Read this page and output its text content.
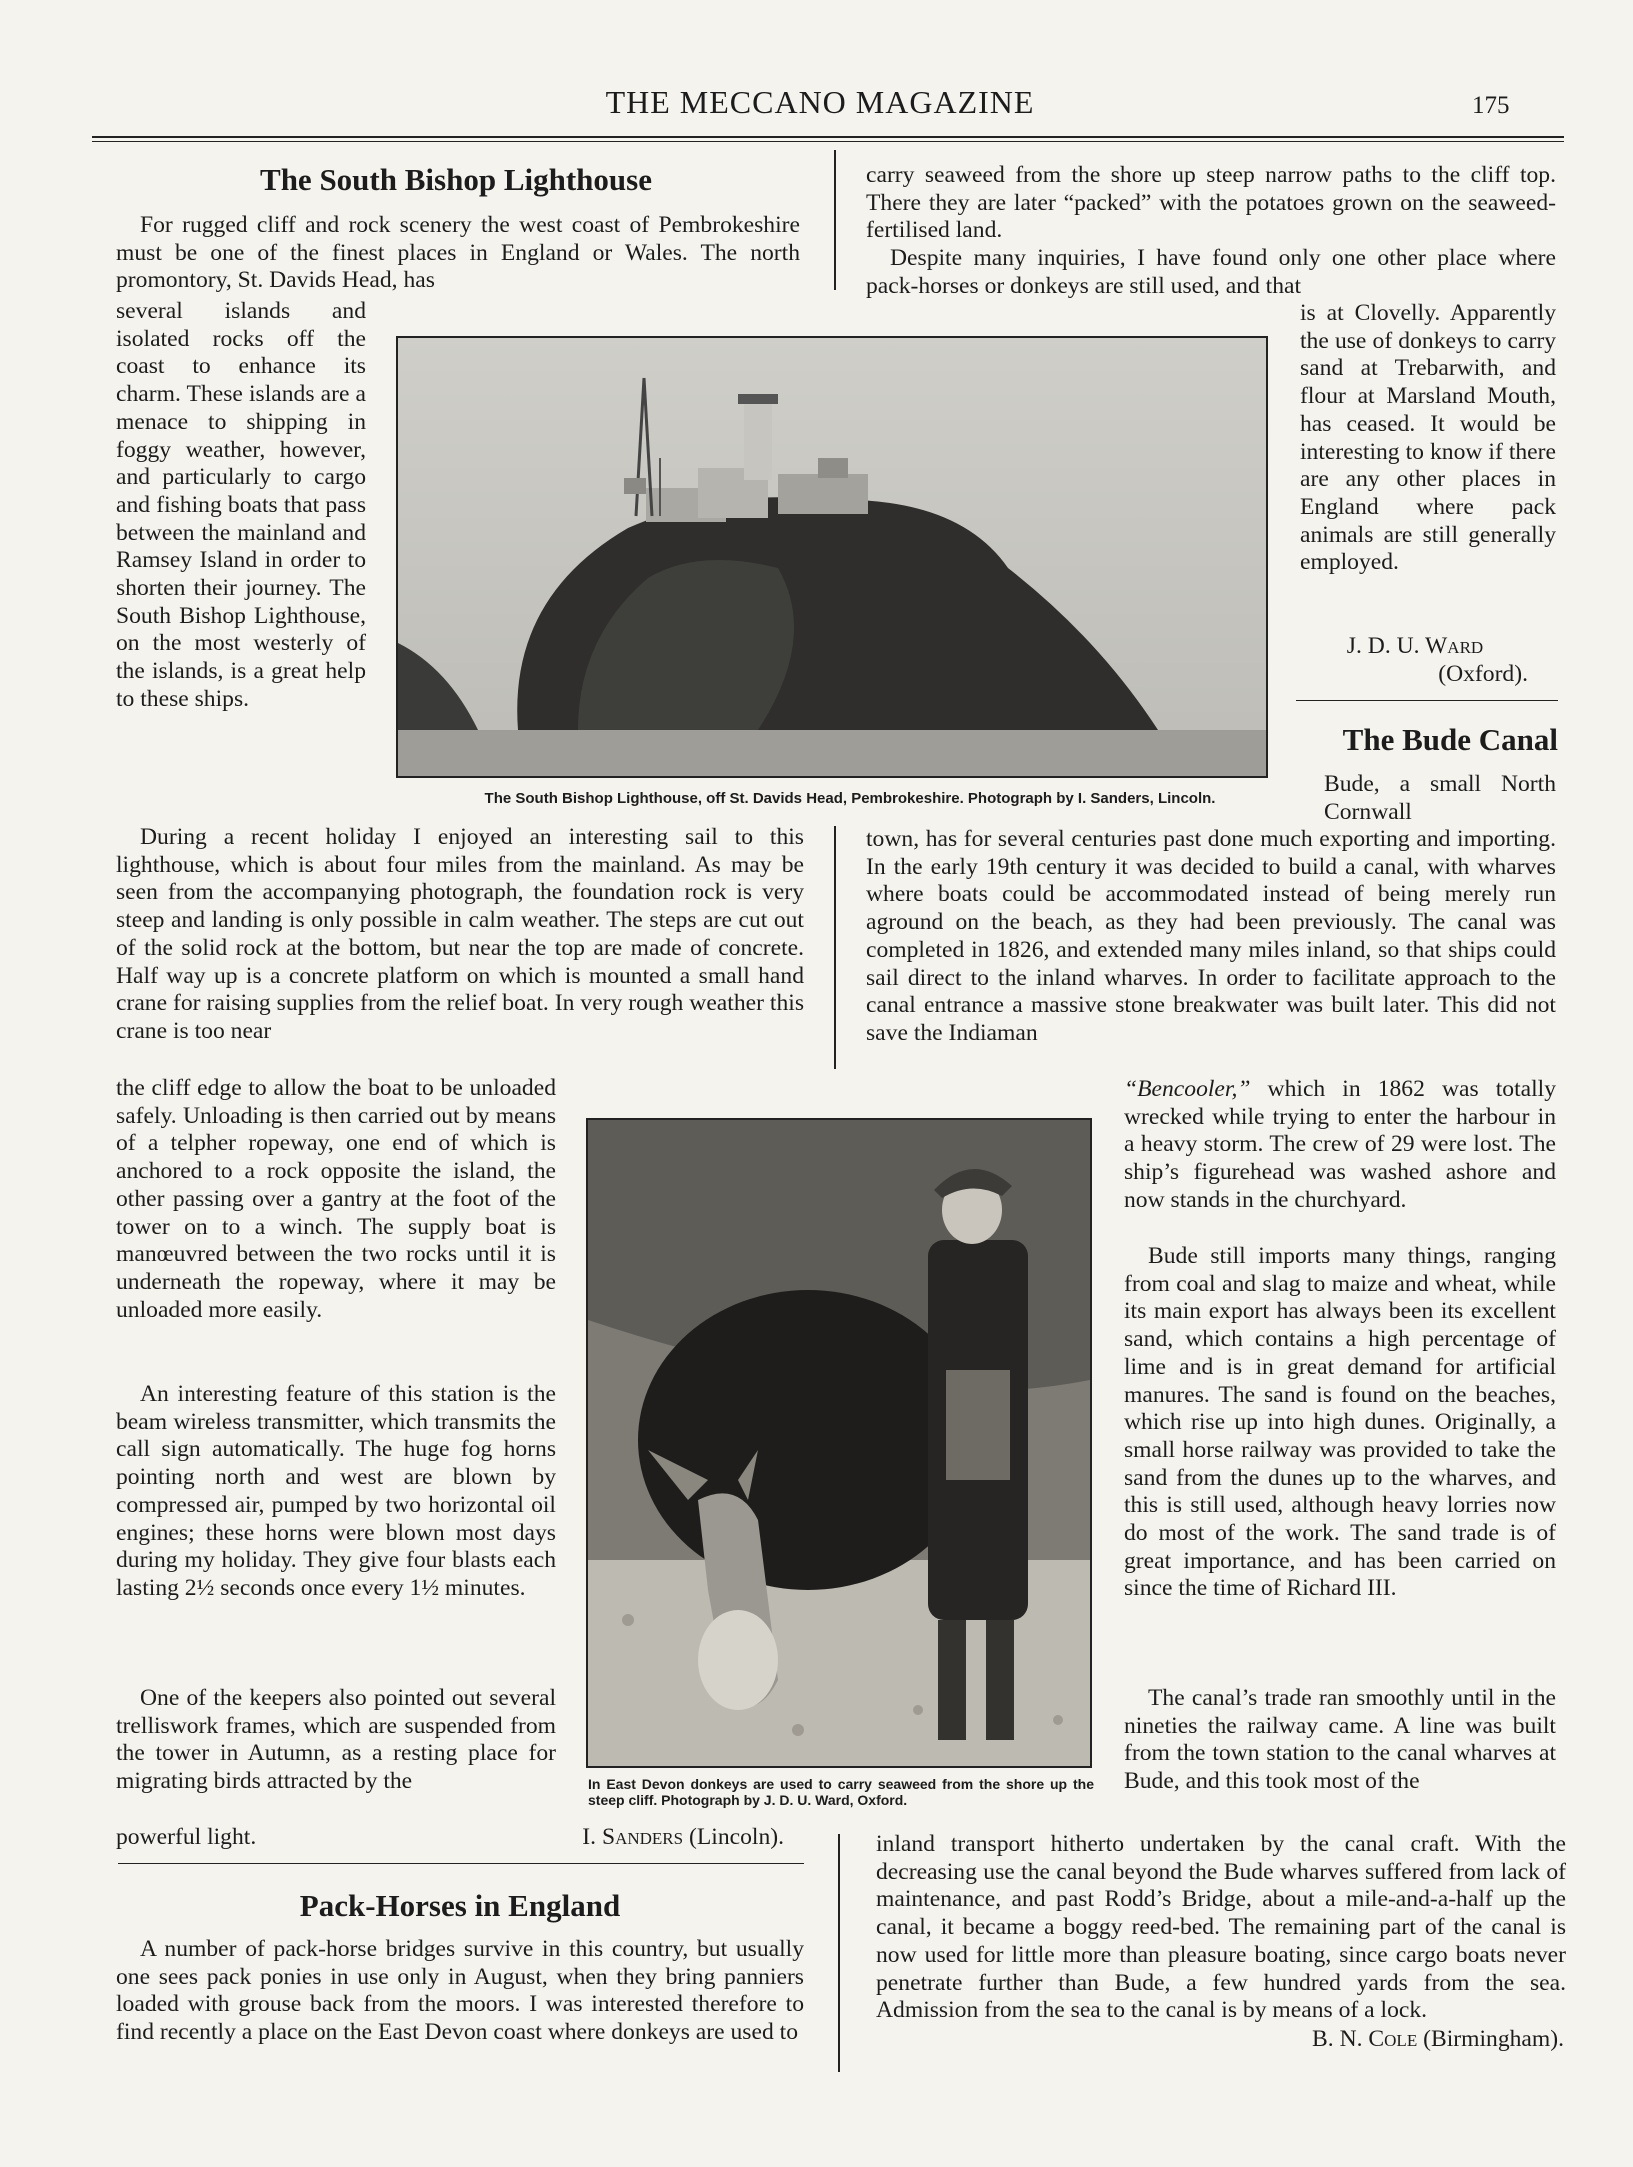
THE MECCANO MAGAZINE	175
The South Bishop Lighthouse
For rugged cliff and rock scenery the west coast of Pembrokeshire must be one of the finest places in England or Wales. The north promontory, St. Davids Head, has
several islands and isolated rocks off the coast to enhance its charm. These islands are a menace to shipping in foggy weather, however, and particularly to cargo and fishing boats that pass between the mainland and Ramsey Island in order to shorten their journey. The South Bishop Lighthouse, on the most westerly of the islands, is a great help to these ships.
The South Bishop Lighthouse, off St. Davids Head, Pembrokeshire. Photograph by I. Sanders, Lincoln.
During a recent holiday I enjoyed an interesting sail to this lighthouse, which is about four miles from the mainland. As may be seen from the accompanying photograph, the foundation rock is very steep and landing is only possible in calm weather. The steps are cut out of the solid rock at the bottom, but near the top are made of concrete. Half way up is a concrete platform on which is mounted a small hand crane for raising supplies from the relief boat. In very rough weather this crane is too near
the cliff edge to allow the boat to be unloaded safely. Unloading is then carried out by means of a telpher ropeway, one end of which is anchored to a rock opposite the island, the other passing over a gantry at the foot of the tower on to a winch. The supply boat is manœuvred between the two rocks until it is underneath the ropeway, where it may be unloaded more easily.
An interesting feature of this station is the beam wireless transmitter, which transmits the call sign automatically. The huge fog horns pointing north and west are blown by compressed air, pumped by two horizontal oil engines; these horns were blown most days during my holiday. They give four blasts each lasting 2½ seconds once every 1½ minutes.
One of the keepers also pointed out several trelliswork frames, which are suspended from the tower in Autumn, as a resting place for migrating birds attracted by the
powerful light.	I. Sanders (Lincoln).
In East Devon donkeys are used to carry seaweed from the shore up the steep cliff. Photograph by J. D. U. Ward, Oxford.
Pack-Horses in England
A number of pack-horse bridges survive in this country, but usually one sees pack ponies in use only in August, when they bring panniers loaded with grouse back from the moors. I was interested therefore to find recently a place on the East Devon coast where donkeys are used to
carry seaweed from the shore up steep narrow paths to the cliff top. There they are later “packed” with the potatoes grown on the seaweed-fertilised land.
Despite many inquiries, I have found only one other place where pack-horses or donkeys are still used, and that
is at Clovelly. Apparently the use of donkeys to carry sand at Trebarwith, and flour at Marsland Mouth, has ceased. It would be interesting to know if there are any other places in England where pack animals are still generally employed.
J. D. U. Ward
(Oxford).
The Bude Canal
Bude, a small North Cornwall
town, has for several centuries past done much exporting and importing. In the early 19th century it was decided to build a canal, with wharves where boats could be accommodated instead of being merely run aground on the beach, as they had been previously. The canal was completed in 1826, and extended many miles inland, so that ships could sail direct to the inland wharves. In order to facilitate approach to the canal entrance a massive stone breakwater was built later. This did not save the Indiaman
“Bencooler,” which in 1862 was totally wrecked while trying to enter the harbour in a heavy storm. The crew of 29 were lost. The ship’s figurehead was washed ashore and now stands in the churchyard.
Bude still imports many things, ranging from coal and slag to maize and wheat, while its main export has always been its excellent sand, which contains a high percentage of lime and is in great demand for artificial manures. The sand is found on the beaches, which rise up into high dunes. Originally, a small horse railway was provided to take the sand from the dunes up to the wharves, and this is still used, although heavy lorries now do most of the work. The sand trade is of great importance, and has been carried on since the time of Richard III.
The canal’s trade ran smoothly until in the nineties the railway came. A line was built from the town station to the canal wharves at Bude, and this took most of the
inland transport hitherto undertaken by the canal craft. With the decreasing use the canal beyond the Bude wharves suffered from lack of maintenance, and past Rodd’s Bridge, about a mile-and-a-half up the canal, it became a boggy reed-bed. The remaining part of the canal is now used for little more than pleasure boating, since cargo boats never penetrate further than Bude, a few hundred yards from the sea. Admission from the sea to the canal is by means of a lock.
B. N. Cole (Birmingham).
